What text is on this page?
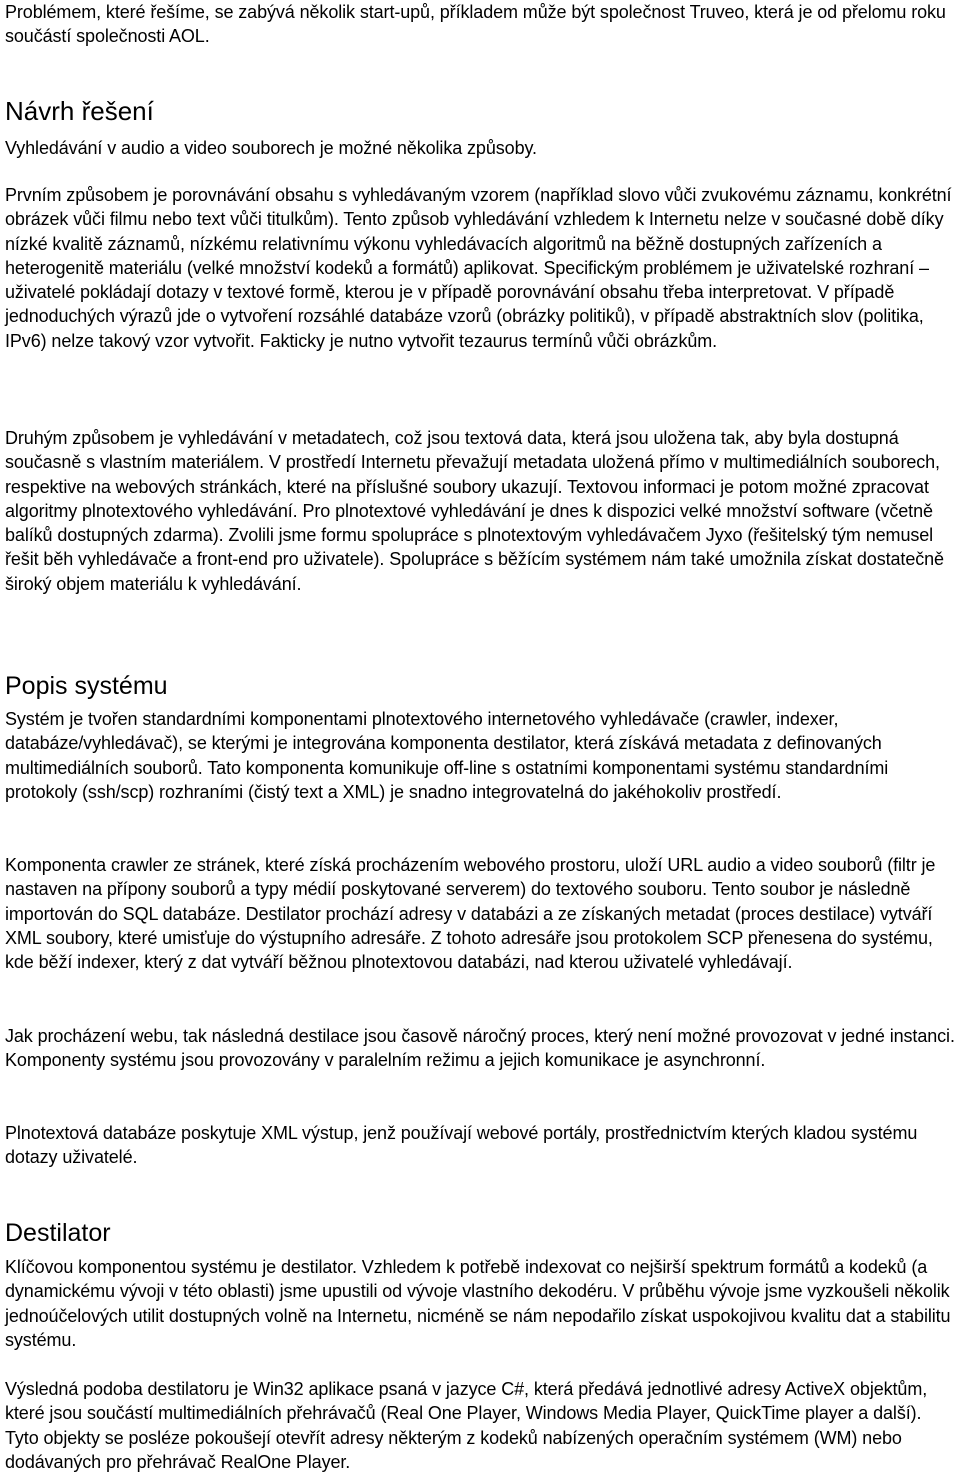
Problémem, které řešíme, se zabývá několik start-upů, příkladem může být společnost Truveo, která je od přelomu roku součástí společnosti AOL.

Návrh řešení

Vyhledávání v audio a video souborech je možné několika způsoby.

Prvním způsobem je porovnávání obsahu s vyhledávaným vzorem (například slovo vůči zvukovému záznamu, konkrétní obrázek vůči filmu nebo text vůči titulkům). Tento způsob vyhledávání vzhledem k Internetu nelze v současné době díky nízké kvalitě záznamů, nízkému relativnímu výkonu vyhledávacích algoritmů na běžně dostupných zařízeních a heterogenitě materiálu (velké množství kodeků a formátů) aplikovat. Specifickým problémem je uživatelské rozhraní – uživatelé pokládají dotazy v textové formě, kterou je v případě porovnávání obsahu třeba interpretovat. V případě jednoduchých výrazů jde o vytvoření rozsáhlé databáze vzorů (obrázky politiků), v případě abstraktních slov (politika, IPv6) nelze takový vzor vytvořit. Fakticky je nutno vytvořit tezaurus termínů vůči obrázkům.

Druhým způsobem je vyhledávání v metadatech, což jsou textová data, která jsou uložena tak, aby byla dostupná současně s vlastním materiálem. V prostředí Internetu převažují metadata uložená přímo v multimediálních souborech, respektive na webových stránkách, které na příslušné soubory ukazují. Textovou informaci je potom možné zpracovat algoritmy plnotextového vyhledávání. Pro plnotextové vyhledávání je dnes k dispozici velké množství software (včetně balíků dostupných zdarma). Zvolili jsme formu spolupráce s plnotextovým vyhledávačem Jyxo (řešitelský tým nemusel řešit běh vyhledávače a front-end pro uživatele). Spolupráce s běžícím systémem nám také umožnila získat dostatečně široký objem materiálu k vyhledávání.

Popis systému

Systém je tvořen standardními komponentami plnotextového internetového vyhledávače (crawler, indexer, databáze/vyhledávač), se kterými je integrována komponenta destilator, která získává metadata z definovaných multimediálních souborů. Tato komponenta komunikuje off-line s ostatními komponentami systému standardními protokoly (ssh/scp) rozhraními (čistý text a XML) je snadno integrovatelná do jakéhokoliv prostředí.

Komponenta crawler ze stránek, které získá procházením webového prostoru, uloží URL audio a video souborů (filtr je nastaven na přípony souborů a typy médií poskytované serverem) do textového souboru. Tento soubor je následně importován do SQL databáze. Destilator prochází adresy v databázi a ze získaných metadat (proces destilace) vytváří XML soubory, které umisťuje do výstupního adresáře. Z tohoto adresáře jsou protokolem SCP přenesena do systému, kde běží indexer, který z dat vytváří běžnou plnotextovou databázi, nad kterou uživatelé vyhledávají.

Jak procházení webu, tak následná destilace jsou časově náročný proces, který není možné provozovat v jedné instanci. Komponenty systému jsou provozovány v paralelním režimu a jejich komunikace je asynchronní.

Plnotextová databáze poskytuje XML výstup, jenž používají webové portály, prostřednictvím kterých kladou systému dotazy uživatelé.

Destilator

Klíčovou komponentou systému je destilator. Vzhledem k potřebě indexovat co nejširší spektrum formátů a kodeků (a dynamickému vývoji v této oblasti) jsme upustili od vývoje vlastního dekodéru. V průběhu vývoje jsme vyzkoušeli několik jednoúčelových utilit dostupných volně na Internetu, nicméně se nám nepodařilo získat uspokojivou kvalitu dat a stabilitu systému.

Výsledná podoba destilatoru je Win32 aplikace psaná v jazyce C#, která předává jednotlivé adresy ActiveX objektům, které jsou součástí multimediálních přehrávačů (Real One Player, Windows Media Player, QuickTime player a další). Tyto objekty se posléze pokoušejí otevřít adresy některým z kodeků nabízených operačním systémem (WM) nebo dodávaných pro přehrávač RealOne Player.
